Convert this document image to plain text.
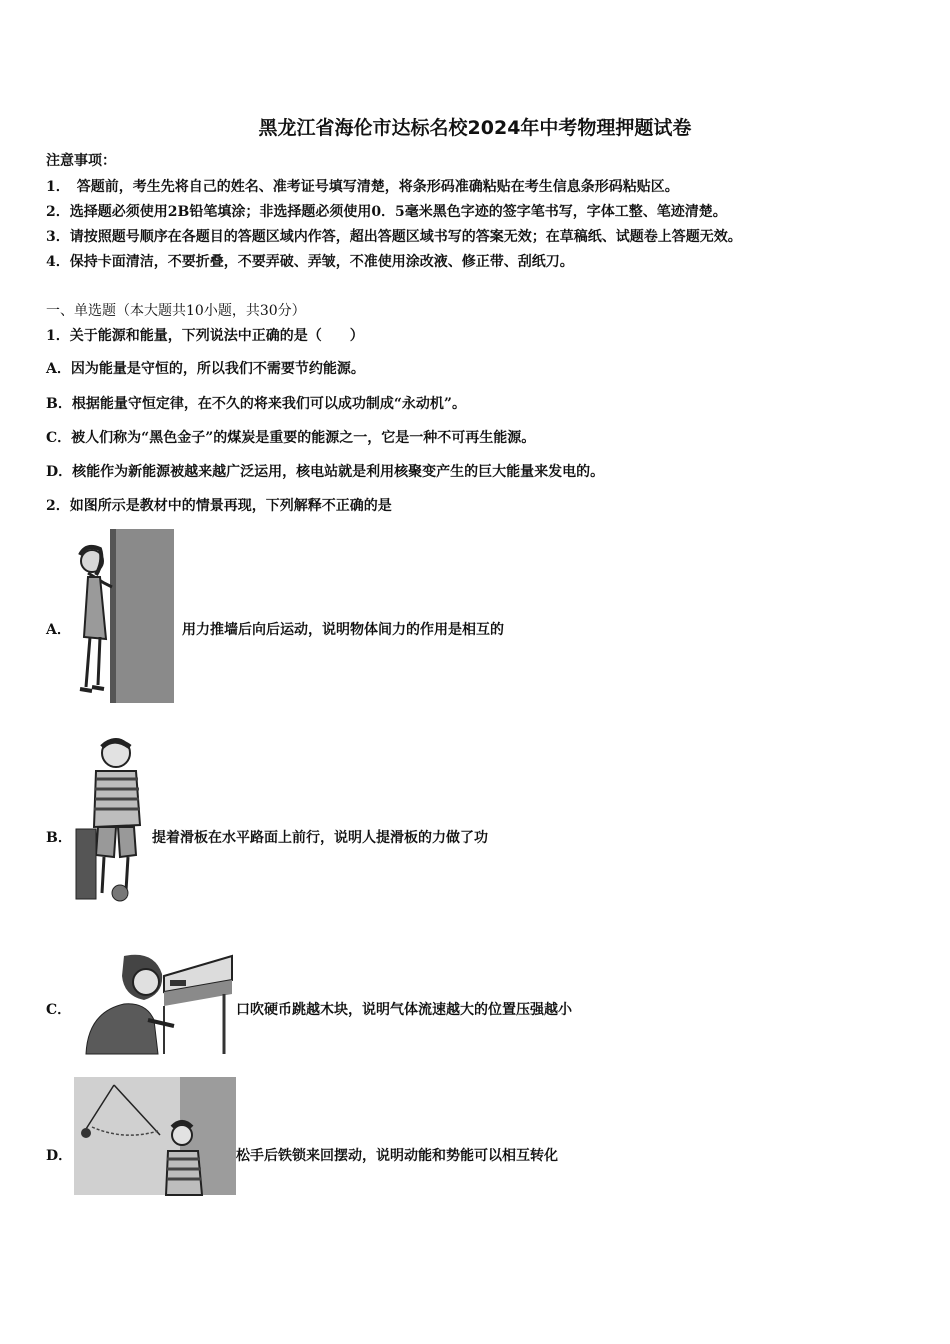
黑龙江省海伦市达标名校2024年中考物理押题试卷
注意事项：
1．　答题前，考生先将自己的姓名、准考证号填写清楚，将条形码准确粘贴在考生信息条形码粘贴区。
2．选择题必须使用2B铅笔填涂；非选择题必须使用0．5毫米黑色字迹的签字笔书写，字体工整、笔迹清楚。
3．请按照题号顺序在各题目的答题区域内作答，超出答题区域书写的答案无效；在草稿纸、试题卷上答题无效。
4．保持卡面清洁，不要折叠，不要弄破、弄皱，不准使用涂改液、修正带、刮纸刀。
一、单选题（本大题共10小题，共30分）
1．关于能源和能量，下列说法中正确的是（　　）
A．因为能量是守恒的，所以我们不需要节约能源。
B．根据能量守恒定律，在不久的将来我们可以成功制成“永动机”。
C．被人们称为“黑色金子”的煤炭是重要的能源之一，它是一种不可再生能源。
D．核能作为新能源被越来越广泛运用，核电站就是利用核聚变产生的巨大能量来发电的。
2．如图所示是教材中的情景再现，下列解释不正确的是
A．	用力推墙后向后运动，说明物体间力的作用是相互的
B．	提着滑板在水平路面上前行，说明人提滑板的力做了功
C．	口吹硬币跳越木块，说明气体流速越大的位置压强越小
D．	松手后铁锁来回摆动，说明动能和势能可以相互转化
